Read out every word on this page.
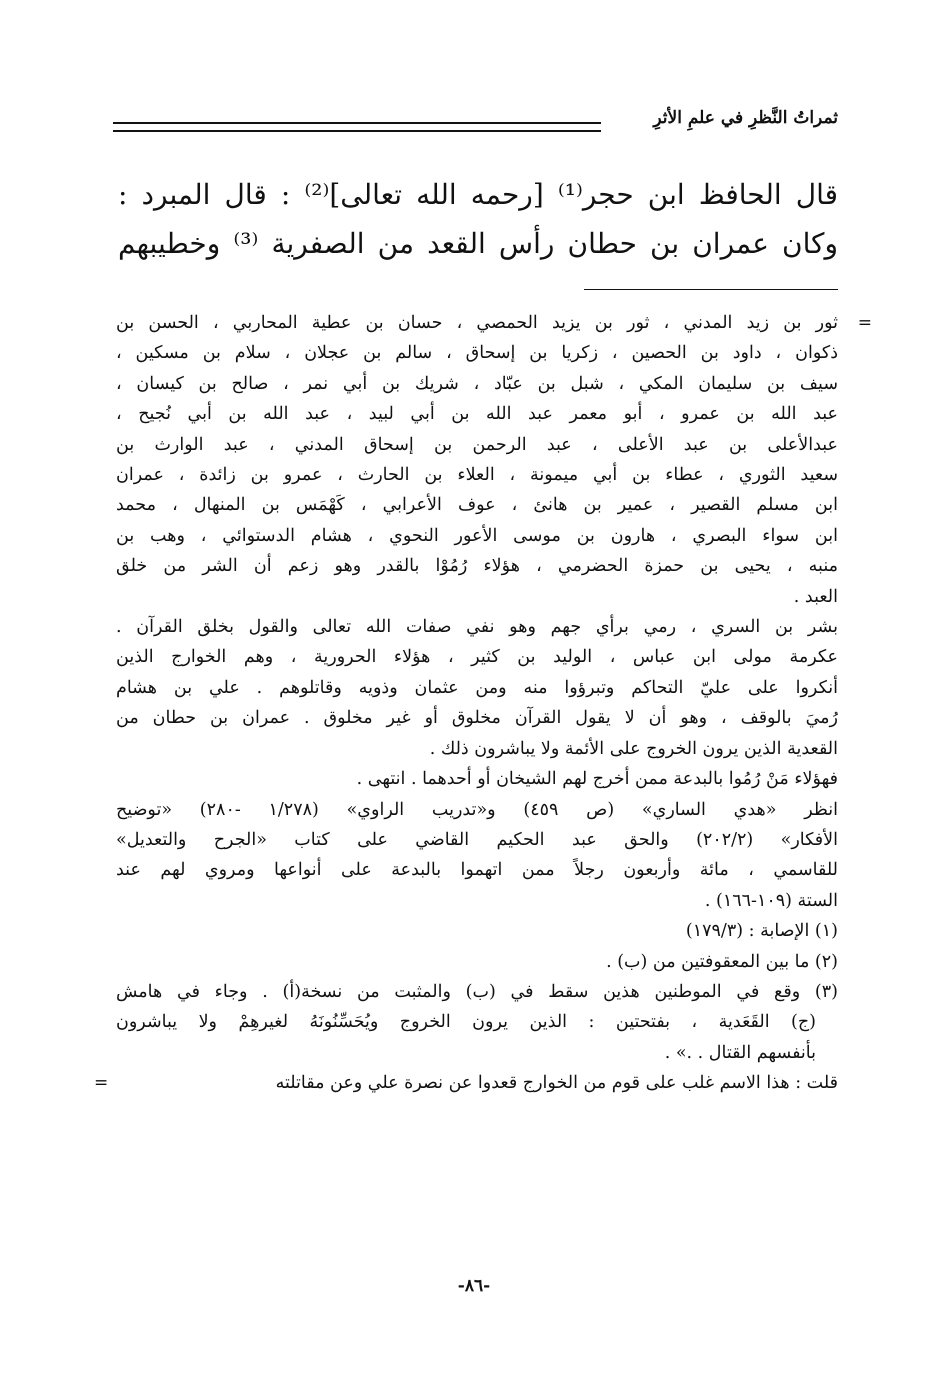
ثمراتُ النَّظرِ في علمِ الأثرِ
قال الحافظ ابن حجر⁽¹⁾ [رحمه الله تعالى]⁽²⁾ : قال المبرد :
وكان عمران بن حطان رأس القعد من الصفرية ⁽³⁾ وخطيبهم
=
ثور بن زيد المدني ، ثور بن يزيد الحمصي ، حسان بن عطية المحاربي ، الحسن بن
ذكوان ، داود بن الحصين ، زكريا بن إسحاق ، سالم بن عجلان ، سلام بن مسكين ،
سيف بن سليمان المكي ، شبل بن عبّاد ، شريك بن أبي نمر ، صالح بن كيسان ،
عبد الله بن عمرو ، أبو معمر عبد الله بن أبي لبيد ، عبد الله بن أبي نُجيح ،
عبدالأعلى بن عبد الأعلى ، عبد الرحمن بن إسحاق المدني ، عبد الوارث بن
سعيد الثوري ، عطاء بن أبي ميمونة ، العلاء بن الحارث ، عمرو بن زائدة ، عمران
ابن مسلم القصير ، عمير بن هانئ ، عوف الأعرابي ، كَهْمَس بن المنهال ، محمد
ابن سواء البصري ، هارون بن موسى الأعور النحوي ، هشام الدستوائي ، وهب بن
منبه ، يحيى بن حمزة الحضرمي ، هؤلاء رُمُوْا بالقدر وهو زعم أن الشر من خلق
العبد .
بشر بن السري ، رمي برأي جهم وهو نفي صفات الله تعالى والقول بخلق القرآن .
عكرمة مولى ابن عباس ، الوليد بن كثير ، هؤلاء الحرورية ، وهم الخوارج الذين
أنكروا على عليّ التحاكم وتبرؤوا منه ومن عثمان وذويه وقاتلوهم . علي بن هشام
رُميَ بالوقف ، وهو أن لا يقول القرآن مخلوق أو غير مخلوق . عمران بن حطان من
القعدية الذين يرون الخروج على الأئمة ولا يباشرون ذلك .
فهؤلاء مَنْ رُمُوا بالبدعة ممن أخرج لهم الشيخان أو أحدهما . انتهى .
انظر «هدي الساري» (ص ٤٥٩) و«تدريب الراوي» (١/٢٧٨ -٢٨٠) «توضيح
الأفكار» (٢٠٢/٢) والحق عبد الحكيم القاضي على كتاب «الجرح والتعديل»
للقاسمي ، مائة وأربعون رجلاً ممن اتهموا بالبدعة على أنواعها ومروي لهم عند
الستة (١٠٩-١٦٦) .
(١) الإصابة : (١٧٩/٣)
(٢) ما بين المعقوفتين من (ب) .
(٣) وقع في الموطنين هذين سقط في (ب) والمثبت من نسخة(أ) . وجاء في هامش
(ج) القَعَدية ، بفتحتين : الذين يرون الخروج ويُحَسِّنُونَهُ لغيرهِمْ ولا يباشرون
بأنفسهم القتال . .» .
قلت : هذا الاسم غلب على قوم من الخوارج قعدوا عن نصرة علي وعن مقاتلته
=
-٨٦-
